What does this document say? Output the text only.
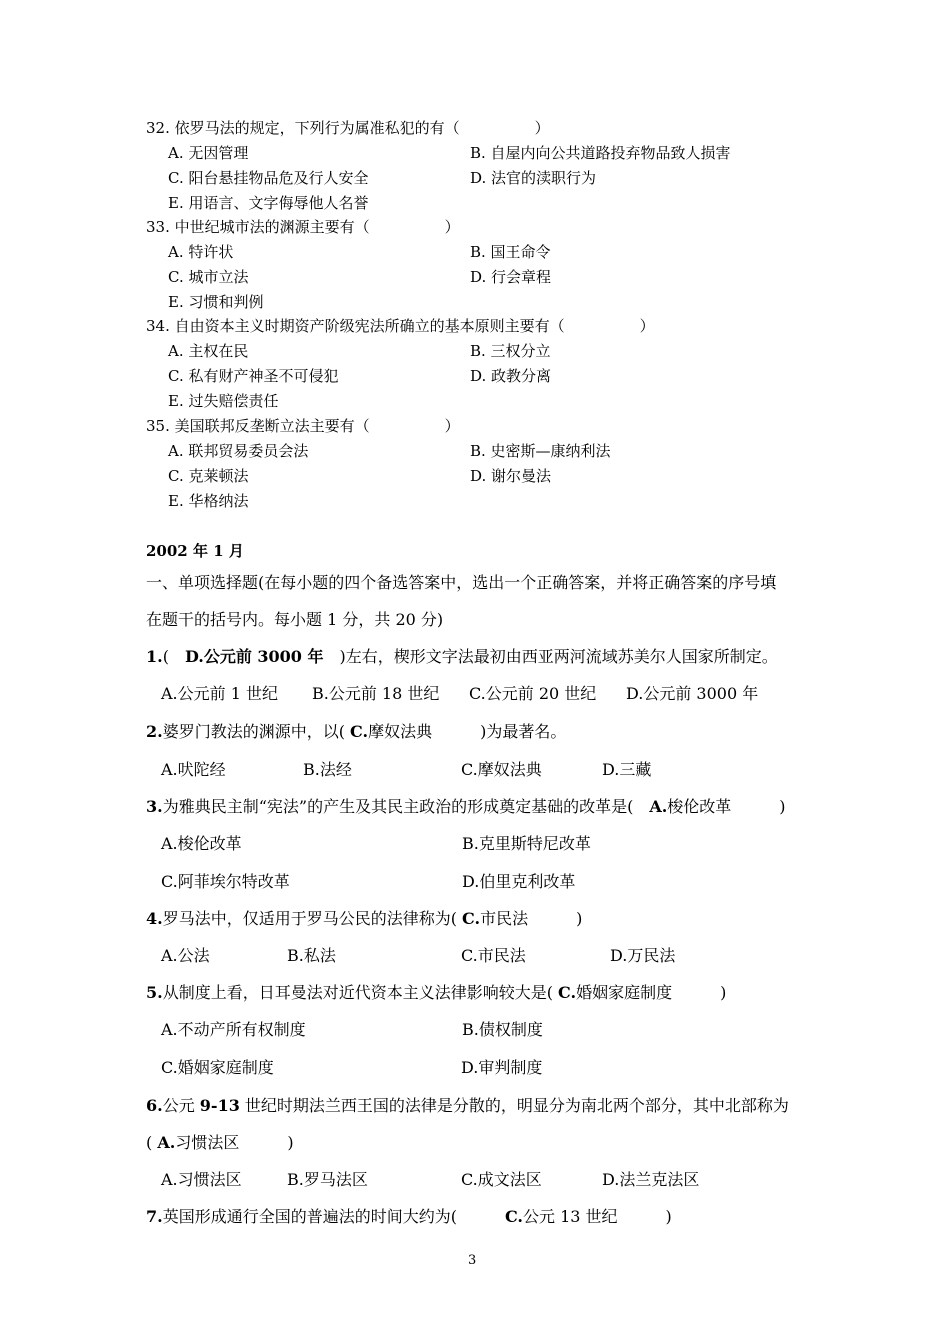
32. 依罗马法的规定，下列行为属准私犯的有（　　　　　）
A. 无因管理	B. 自屋内向公共道路投弃物品致人损害
C. 阳台悬挂物品危及行人安全	D. 法官的渎职行为
E. 用语言、文字侮辱他人名誉
33. 中世纪城市法的渊源主要有（　　　　　）
A. 特许状	B. 国王命令
C. 城市立法	D. 行会章程
E. 习惯和判例
34. 自由资本主义时期资产阶级宪法所确立的基本原则主要有（　　　　　）
A. 主权在民	B. 三权分立
C. 私有财产神圣不可侵犯	D. 政教分离
E. 过失赔偿责任
35. 美国联邦反垄断立法主要有（　　　　　）
A. 联邦贸易委员会法	B. 史密斯—康纳利法
C. 克莱顿法	D. 谢尔曼法
E. 华格纳法
2002 年 1 月
一、单项选择题(在每小题的四个备选答案中，选出一个正确答案，并将正确答案的序号填
在题干的括号内。每小题 1 分，共 20 分)
1.(　D.公元前 3000 年　)左右，楔形文字法最初由西亚两河流域苏美尔人国家所制定。
A.公元前 1 世纪 B.公元前 18 世纪 C.公元前 20 世纪 D.公元前 3000 年
2.婆罗门教法的渊源中，以( C.摩奴法典　　　)为最著名。
A.吠陀经	B.法经	C.摩奴法典	D.三藏
3.为雅典民主制“宪法”的产生及其民主政治的形成奠定基础的改革是(　A.梭伦改革　　　)
A.梭伦改革	B.克里斯特尼改革
C.阿菲埃尔特改革	D.伯里克利改革
4.罗马法中，仅适用于罗马公民的法律称为( C.市民法　　　)
A.公法	B.私法	C.市民法	D.万民法
5.从制度上看，日耳曼法对近代资本主义法律影响较大是( C.婚姻家庭制度　　　)
A.不动产所有权制度	B.债权制度
C.婚姻家庭制度	D.审判制度
6.公元 9-13 世纪时期法兰西王国的法律是分散的，明显分为南北两个部分，其中北部称为
( A.习惯法区　　　)
A.习惯法区	B.罗马法区	C.成文法区	D.法兰克法区
7.英国形成通行全国的普遍法的时间大约为(　　　C.公元 13 世纪　　　)
3
